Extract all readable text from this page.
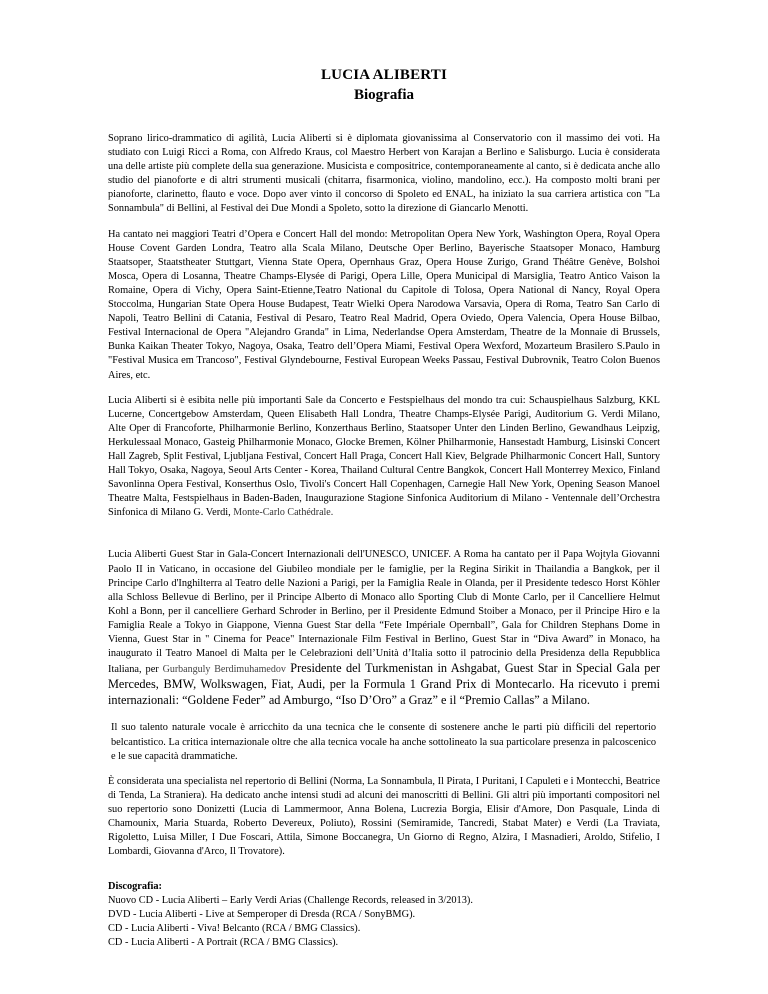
LUCIA ALIBERTI
Biografia

Soprano lirico-drammatico di agilità, Lucia Aliberti si è diplomata giovanissima al Conservatorio con il massimo dei voti. Ha studiato con Luigi Ricci a Roma, con Alfredo Kraus, col Maestro Herbert von Karajan a Berlino e Salisburgo. Lucia è considerata una delle artiste più complete della sua generazione. Musicista e compositrice, contemporaneamente al canto, si è dedicata anche allo studio del pianoforte e di altri strumenti musicali (chitarra, fisarmonica, violino, mandolino, ecc.). Ha composto molti brani per pianoforte, clarinetto, flauto e voce. Dopo aver vinto il concorso di Spoleto ed ENAL, ha iniziato la sua carriera artistica con "La Sonnambula" di Bellini, al Festival dei Due Mondi a Spoleto, sotto la direzione di Giancarlo Menotti.

Ha cantato nei maggiori Teatri d’Opera e Concert Hall del mondo: Metropolitan Opera New York, Washington Opera, Royal Opera House Covent Garden Londra, Teatro alla Scala Milano, Deutsche Oper Berlino, Bayerische Staatsoper Monaco, Hamburg Staatsoper, Staatstheater Stuttgart, Vienna State Opera, Opernhaus Graz, Opera House Zurigo, Grand Théâtre Genève, Bolshoi Mosca, Opera di Losanna, Theatre Champs-Elysée di Parigi, Opera Lille, Opera Municipal di Marsiglia, Teatro Antico Vaison la Romaine, Opera di Vichy, Opera Saint-Etienne,Teatro National du Capitole di Tolosa, Opera National di Nancy, Royal Opera Stoccolma, Hungarian State Opera House Budapest, Teatr Wielki Opera Narodowa Varsavia, Opera di Roma, Teatro San Carlo di Napoli, Teatro Bellini di Catania, Festival di Pesaro, Teatro Real Madrid, Opera Oviedo, Opera Valencia, Opera House Bilbao, Festival Internacional de Opera "Alejandro Granda" in Lima, Nederlandse Opera Amsterdam, Theatre de la Monnaie di Brussels, Bunka Kaikan Theater Tokyo, Nagoya, Osaka, Teatro dell’Opera Miami, Festival Opera Wexford, Mozarteum Brasilero S.Paulo in "Festival Musica em Trancoso", Festival Glyndebourne, Festival European Weeks Passau, Festival Dubrovnik, Teatro Colon Buenos Aires, etc.

Lucia Aliberti si è esibita nelle più importanti Sale da Concerto e Festspielhaus del mondo tra cui: Schauspielhaus Salzburg, KKL Lucerne, Concertgebow Amsterdam, Queen Elisabeth Hall Londra, Theatre Champs-Elysée Parigi, Auditorium G. Verdi Milano, Alte Oper di Francoforte, Philharmonie Berlino, Konzerthaus Berlino, Staatsoper Unter den Linden Berlino, Gewandhaus Leipzig, Herkulessaal Monaco, Gasteig Philharmonie Monaco, Glocke Bremen, Kölner Philharmonie, Hansestadt Hamburg, Lisinski Concert Hall Zagreb, Split Festival, Ljubljana Festival, Concert Hall Praga, Concert Hall Kiev, Belgrade Philharmonic Concert Hall, Suntory Hall Tokyo, Osaka, Nagoya, Seoul Arts Center - Korea, Thailand Cultural Centre Bangkok, Concert Hall Monterrey Mexico, Finland Savonlinna Opera Festival, Konserthus Oslo, Tivoli's Concert Hall Copenhagen, Carnegie Hall New York, Opening Season Manoel Theatre Malta, Festspielhaus in Baden-Baden, Inaugurazione Stagione Sinfonica Auditorium di Milano - Ventennale dell’Orchestra Sinfonica di Milano G. Verdi, Monte-Carlo Cathédrale.

Lucia Aliberti Guest Star in Gala-Concert Internazionali dell'UNESCO, UNICEF. A Roma ha cantato per il Papa Wojtyla Giovanni Paolo II in Vaticano, in occasione del Giubileo mondiale per le famiglie, per la Regina Sirikit in Thailandia a Bangkok, per il Principe Carlo d'Inghilterra al Teatro delle Nazioni a Parigi, per la Famiglia Reale in Olanda, per il Presidente tedesco Horst Köhler alla Schloss Bellevue di Berlino, per il Principe Alberto di Monaco allo Sporting Club di Monte Carlo, per il Cancelliere Helmut Kohl a Bonn, per il cancelliere Gerhard Schroder in Berlino, per il Presidente Edmund Stoiber a Monaco, per il Principe Hiro e la Famiglia Reale a Tokyo in Giappone, Vienna Guest Star della “Fete Impériale Opernball”, Gala for Children Stephans Dome in Vienna, Guest Star in " Cinema for Peace" Internazionale Film Festival in Berlino, Guest Star in “Diva Award” in Monaco, ha inaugurato il Teatro Manoel di Malta per le Celebrazioni dell’Unità d’Italia sotto il patrocinio della Presidenza della Repubblica Italiana, per Gurbanguly Berdimuhamedov Presidente del Turkmenistan in Ashgabat, Guest Star in Special Gala per Mercedes, BMW, Wolkswagen, Fiat, Audi, per la Formula 1 Grand Prix di Montecarlo. Ha ricevuto i premi internazionali: “Goldene Feder” ad Amburgo, “Iso D’Oro” a Graz” e il “Premio Callas” a Milano.

Il suo talento naturale vocale è arricchito da una tecnica che le consente di sostenere anche le parti più difficili del repertorio belcantistico. La critica internazionale oltre che alla tecnica vocale ha anche sottolineato la sua particolare presenza in palcoscenico e le sue capacità drammatiche.

È considerata una specialista nel repertorio di Bellini (Norma, La Sonnambula, Il Pirata, I Puritani, I Capuleti e i Montecchi, Beatrice di Tenda, La Straniera). Ha dedicato anche intensi studi ad alcuni dei manoscritti di Bellini. Gli altri più importanti compositori nel suo repertorio sono Donizetti (Lucia di Lammermoor, Anna Bolena, Lucrezia Borgia, Elisir d'Amore, Don Pasquale, Linda di Chamounix, Maria Stuarda, Roberto Devereux, Poliuto), Rossini (Semiramide, Tancredi, Stabat Mater) e Verdi (La Traviata, Rigoletto, Luisa Miller, I Due Foscari, Attila, Simone Boccanegra, Un Giorno di Regno, Alzira, I Masnadieri, Aroldo, Stifelio, I Lombardi, Giovanna d'Arco, Il Trovatore).

Discografia:
Nuovo CD - Lucia Aliberti – Early Verdi Arias (Challenge Records, released in 3/2013).
DVD - Lucia Aliberti - Live at Semperoper di Dresda (RCA / SonyBMG).
CD - Lucia Aliberti - Viva! Belcanto (RCA / BMG Classics).
CD - Lucia Aliberti - A Portrait (RCA / BMG Classics).
